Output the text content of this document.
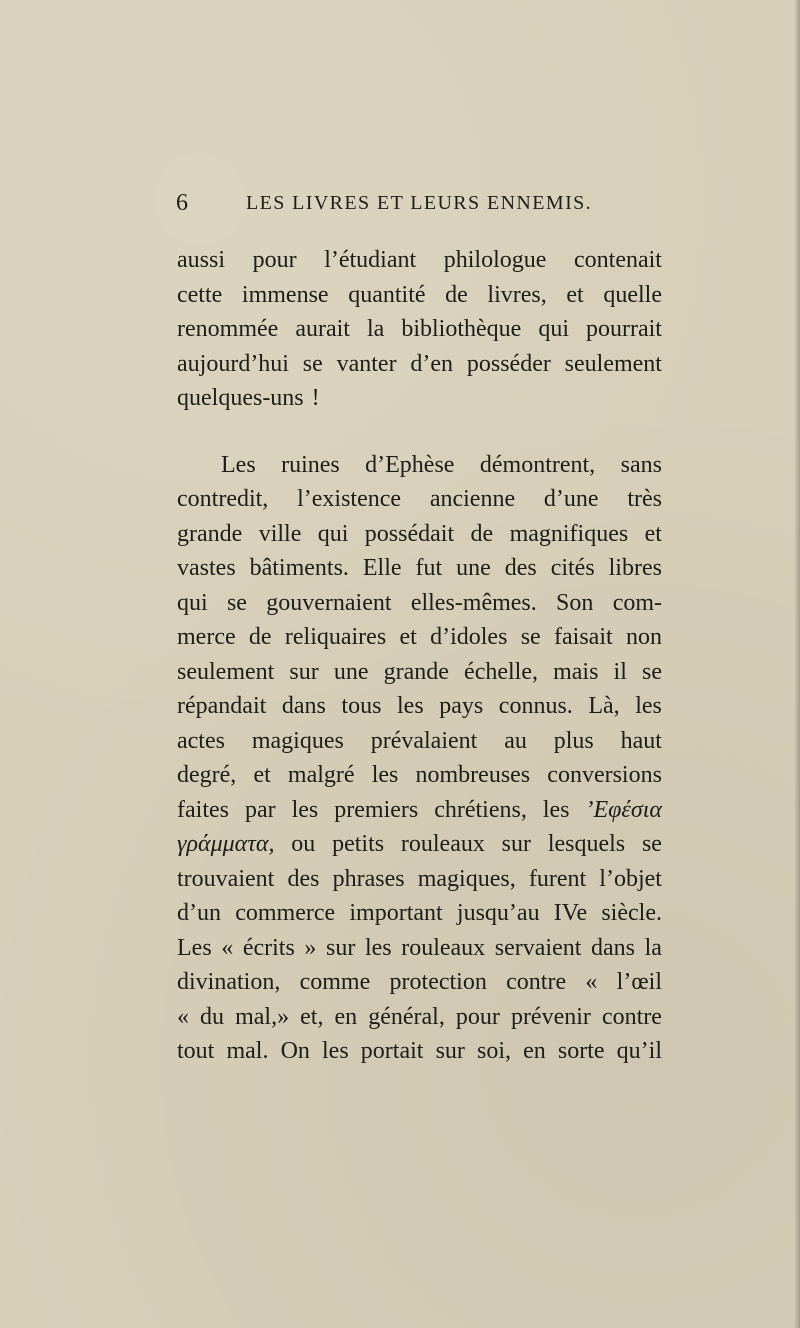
6	LES LIVRES ET LEURS ENNEMIS.
aussi pour l’étudiant philologue contenait
cette immense quantité de livres, et quelle
renommée aurait la bibliothèque qui pourrait
aujourd’hui se vanter d’en posséder seulement
quelques-uns !
Les ruines d’Ephèse démontrent, sans
contredit, l’existence ancienne d’une très
grande ville qui possédait de magnifiques et
vastes bâtiments. Elle fut une des cités libres
qui se gouvernaient elles-mêmes. Son com-
merce de reliquaires et d’idoles se faisait non
seulement sur une grande échelle, mais il se
répandait dans tous les pays connus. Là, les
actes magiques prévalaient au plus haut
degré, et malgré les nombreuses conversions
faites par les premiers chrétiens, les ’Εφέσια
γράμματα, ou petits rouleaux sur lesquels se
trouvaient des phrases magiques, furent l’objet
d’un commerce important jusqu’au IVe siècle.
Les « écrits » sur les rouleaux servaient dans la
divination, comme protection contre « l’œil
« du mal,» et, en général, pour prévenir contre
tout mal. On les portait sur soi, en sorte qu’il
